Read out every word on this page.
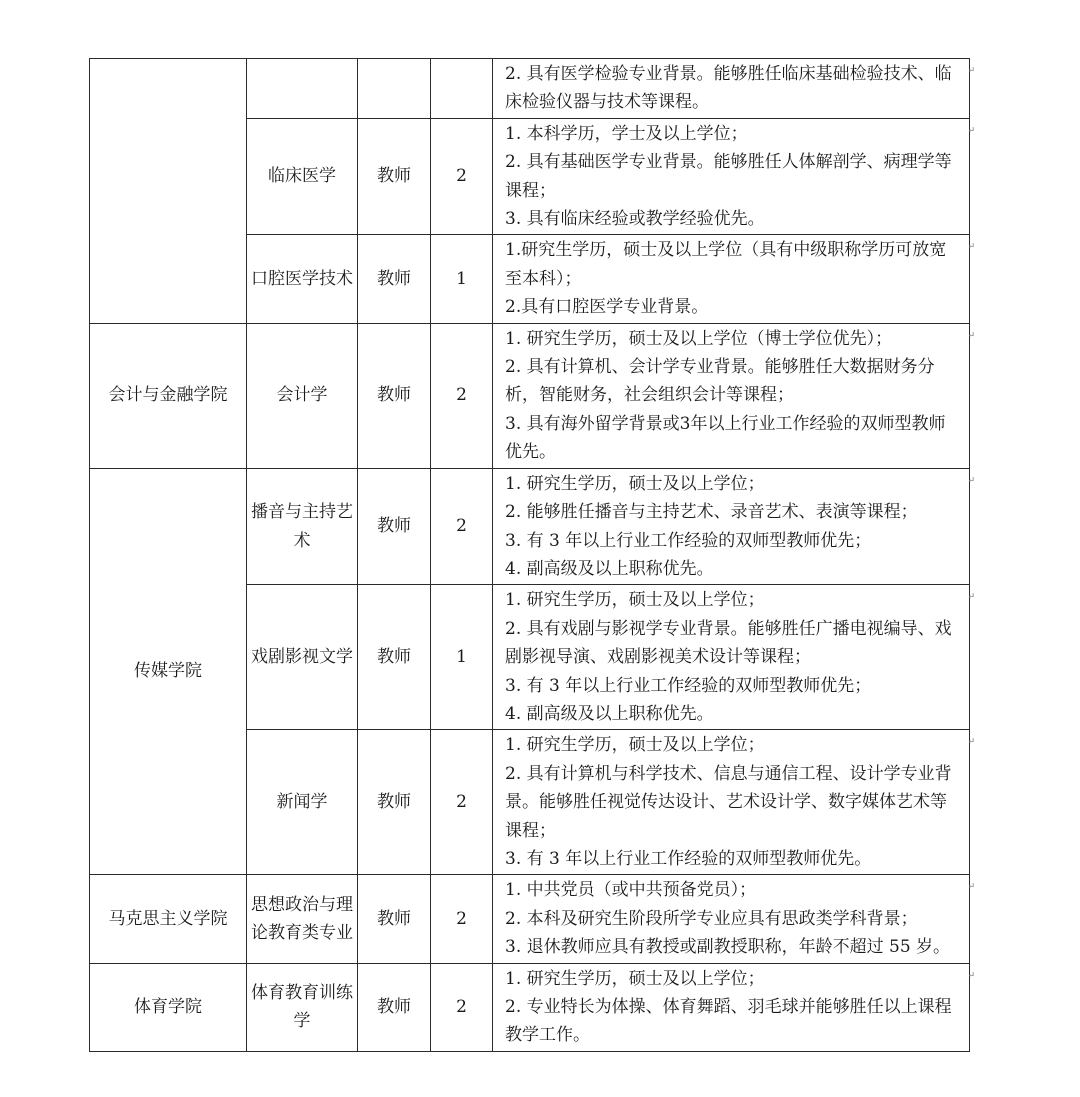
				2. 具有医学检验专业背景。能够胜任临床基础检验技术、临床检验仪器与技术等课程。
↵

	临床医学	教师	2	1. 本科学历，学士及以上学位；
2. 具有基础医学专业背景。能够胜任人体解剖学、病理学等课程；
3. 具有临床经验或教学经验优先。
↵

	口腔医学技术	教师	1	1.研究生学历，硕士及以上学位（具有中级职称学历可放宽至本科）；
2.具有口腔医学专业背景。
↵

会计与金融学院	会计学	教师	2	1. 研究生学历，硕士及以上学位（博士学位优先）；
2. 具有计算机、会计学专业背景。能够胜任大数据财务分析，智能财务，社会组织会计等课程；
3. 具有海外留学背景或3年以上行业工作经验的双师型教师优先。
↵

传媒学院	播音与主持艺术	教师	2	1. 研究生学历，硕士及以上学位；
2. 能够胜任播音与主持艺术、录音艺术、表演等课程；
3. 有 3 年以上行业工作经验的双师型教师优先；
4. 副高级及以上职称优先。
↵

	戏剧影视文学	教师	1	1. 研究生学历，硕士及以上学位；
2. 具有戏剧与影视学专业背景。能够胜任广播电视编导、戏剧影视导演、戏剧影视美术设计等课程；
3. 有 3 年以上行业工作经验的双师型教师优先；
4. 副高级及以上职称优先。
↵

	新闻学	教师	2	1. 研究生学历，硕士及以上学位；
2. 具有计算机与科学技术、信息与通信工程、设计学专业背景。能够胜任视觉传达设计、艺术设计学、数字媒体艺术等课程；
3. 有 3 年以上行业工作经验的双师型教师优先。
↵

马克思主义学院	思想政治与理论教育类专业	教师	2	1. 中共党员（或中共预备党员）；
2. 本科及研究生阶段所学专业应具有思政类学科背景；
3. 退休教师应具有教授或副教授职称，年龄不超过 55 岁。
↵

体育学院	体育教育训练学	教师	2	1. 研究生学历，硕士及以上学位；
2. 专业特长为体操、体育舞蹈、羽毛球并能够胜任以上课程教学工作。
↵
